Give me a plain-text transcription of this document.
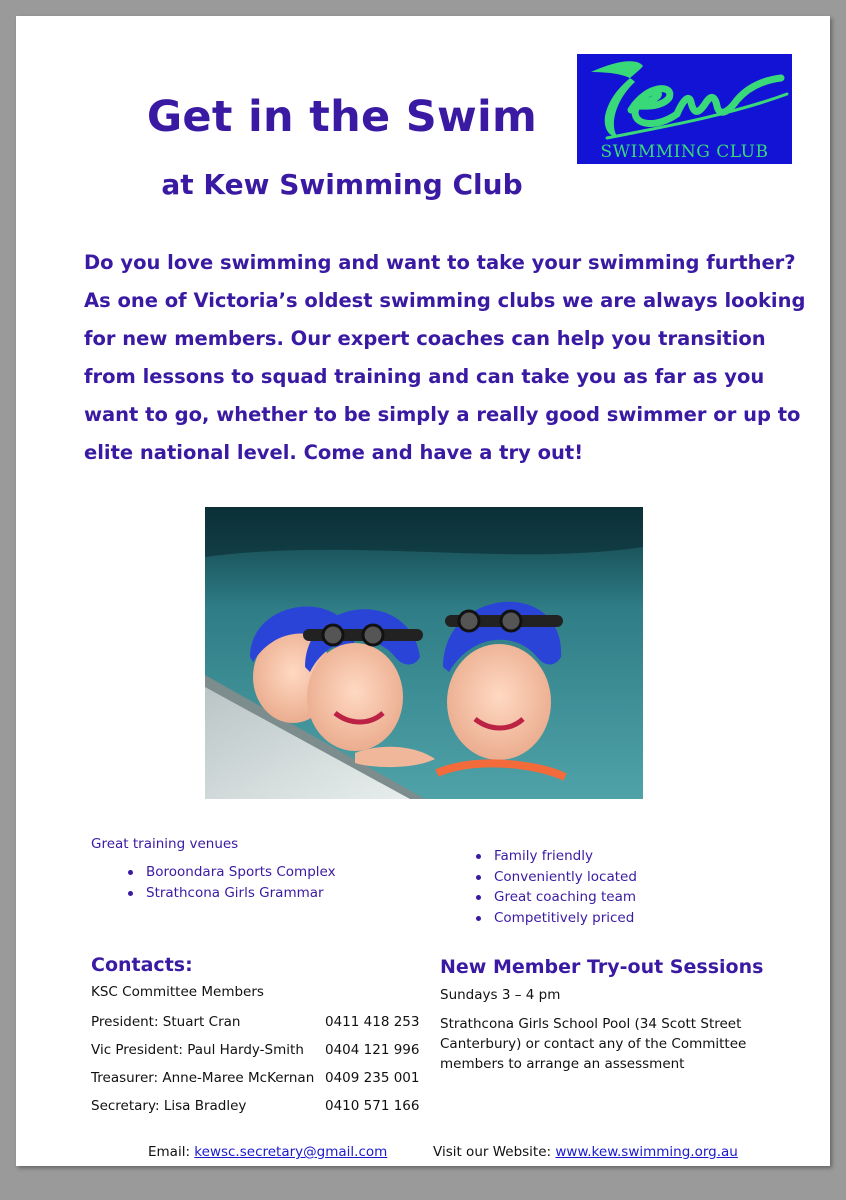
Get in the Swim
at Kew Swimming Club
SWIMMING CLUB

Do you love swimming and want to take your swimming further?

As one of Victoria’s oldest swimming clubs we are always looking

for new members. Our expert coaches can help you transition

from lessons to squad training and can take you as far as you

want to go, whether to be simply a really good swimmer or up to

elite national level. Come and have a try out!

Great training venues
Boroondara Sports Complex
Strathcona Girls Grammar
Family friendly
Conveniently located
Great coaching team
Competitively priced
Contacts:
KSC Committee Members
President: Stuart Cran	0411 418 253
Vic President: Paul Hardy-Smith 0404 121 996
Treasurer: Anne-Maree McKernan 0409 235 001
Secretary: Lisa Bradley	0410 571 166
New Member Try-out Sessions
Sundays 3 – 4 pm
Strathcona Girls School Pool (34 Scott Street Canterbury) or contact any of the Committee members to arrange an assessment
Email: kewsc.secretary@gmail.com	Visit our Website: www.kew.swimming.org.au
